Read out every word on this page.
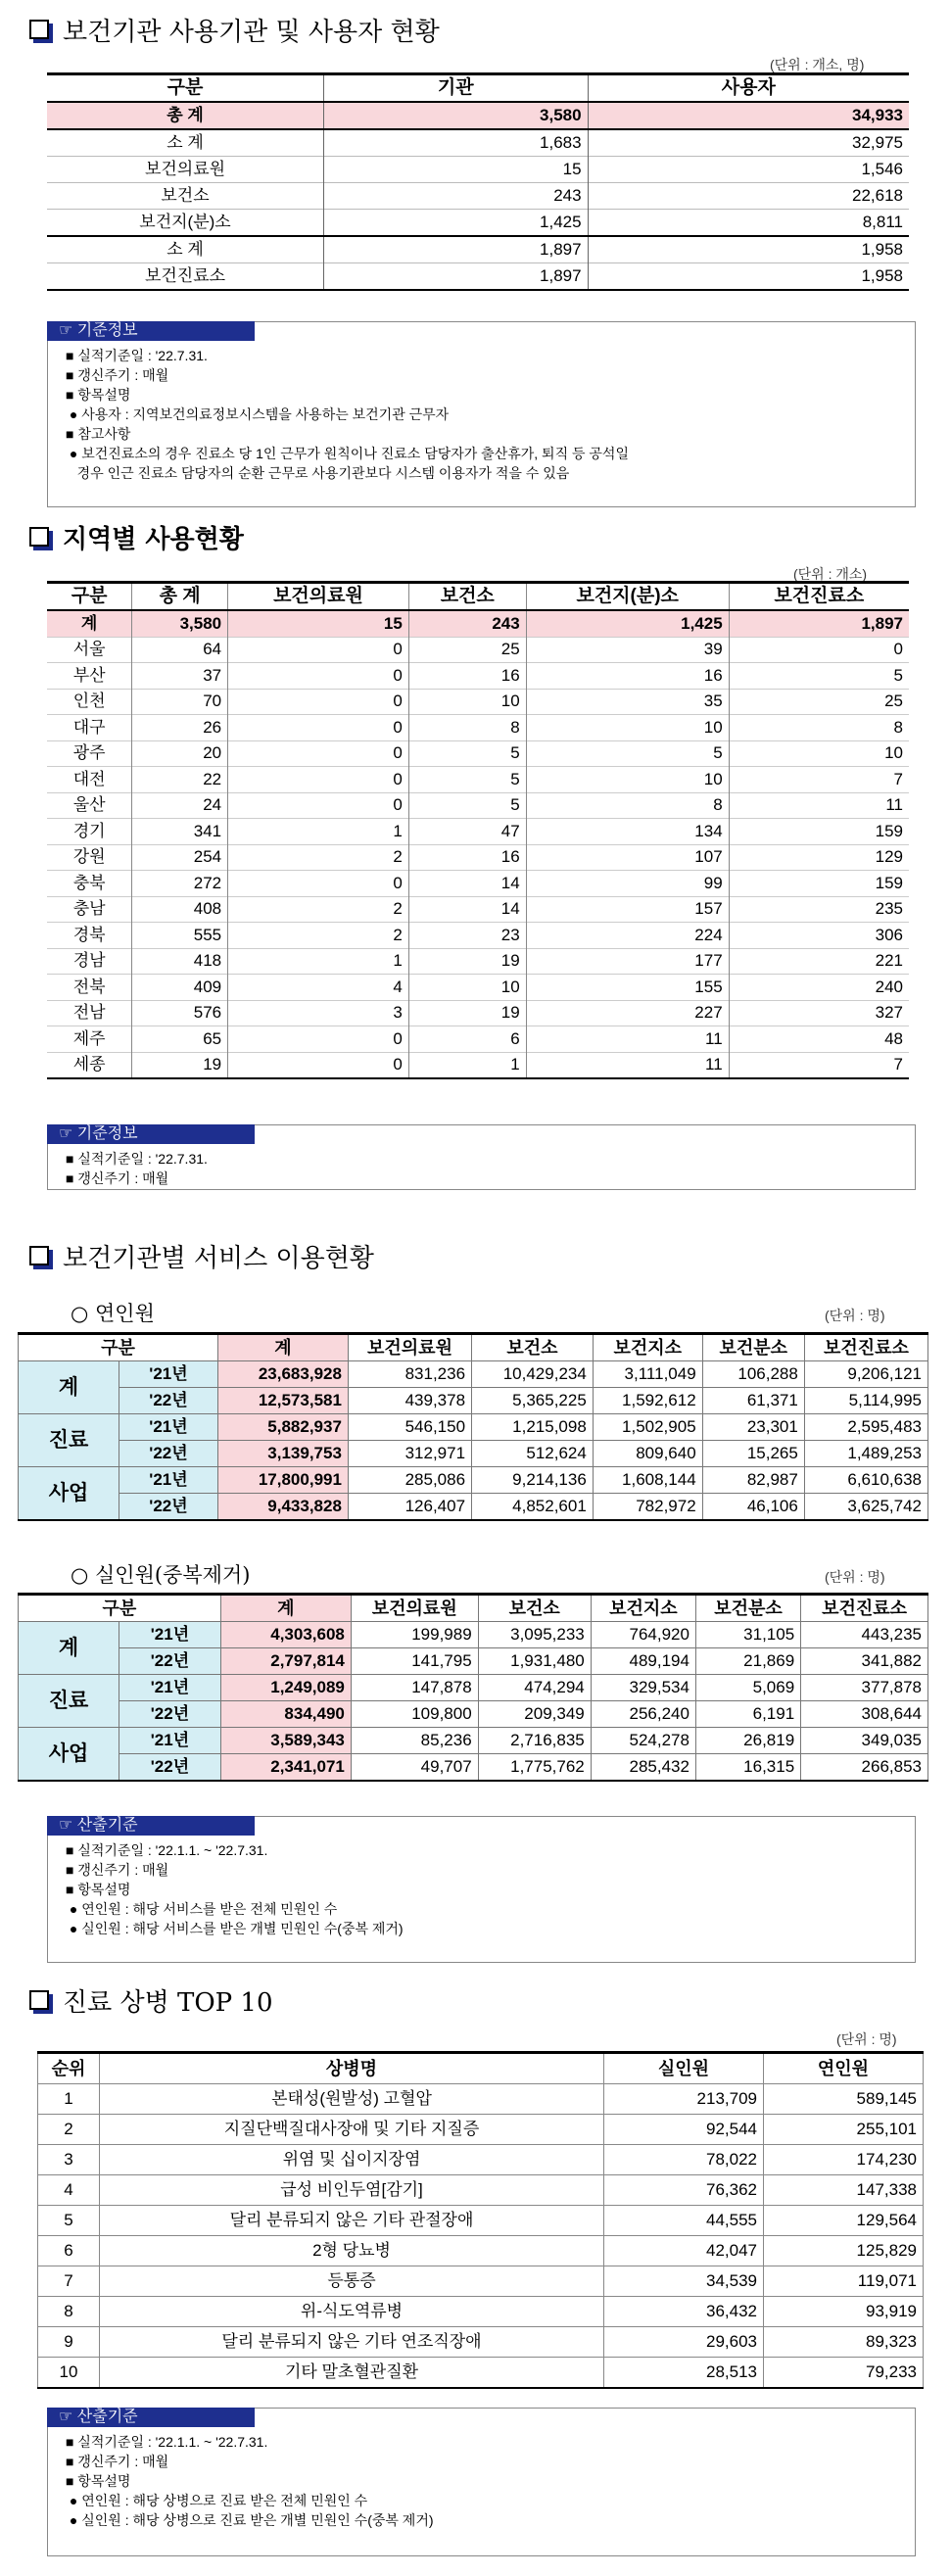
보건기관 사용기관 및 사용자 현황
(단위 : 개소, 명)
구분	기관	사용자
총 계	3,580	34,933
소 계	1,683	32,975
보건의료원	15	1,546
보건소	243	22,618
보건지(분)소	1,425	8,811
소 계	1,897	1,958
보건진료소	1,897	1,958
☞ 기준정보
■ 실적기준일 : '22.7.31.
■ 갱신주기 : 매월
■ 항목설명
● 사용자 : 지역보건의료정보시스템을 사용하는 보건기관 근무자
■ 참고사항
● 보건진료소의 경우 진료소 당 1인 근무가 원칙이나 진료소 담당자가 출산휴가, 퇴직 등 공석일
경우 인근 진료소 담당자의 순환 근무로 사용기관보다 시스템 이용자가 적을 수 있음
지역별 사용현황
(단위 : 개소)
구분	총 계	보건의료원	보건소	보건지(분)소	보건진료소
계	3,580	15	243	1,425	1,897
서울	64	0	25	39	0
부산	37	0	16	16	5
인천	70	0	10	35	25
대구	26	0	8	10	8
광주	20	0	5	5	10
대전	22	0	5	10	7
울산	24	0	5	8	11
경기	341	1	47	134	159
강원	254	2	16	107	129
충북	272	0	14	99	159
충남	408	2	14	157	235
경북	555	2	23	224	306
경남	418	1	19	177	221
전북	409	4	10	155	240
전남	576	3	19	227	327
제주	65	0	6	11	48
세종	19	0	1	11	7
☞ 기준정보
■ 실적기준일 : '22.7.31.
■ 갱신주기 : 매월
보건기관별 서비스 이용현황
○ 연인원	(단위 : 명)
구분		계	보건의료원	보건소	보건지소	보건분소	보건진료소
계	'21년	23,683,928	831,236	10,429,234	3,111,049	106,288	9,206,121
	'22년	12,573,581	439,378	5,365,225	1,592,612	61,371	5,114,995
진료	'21년	5,882,937	546,150	1,215,098	1,502,905	23,301	2,595,483
	'22년	3,139,753	312,971	512,624	809,640	15,265	1,489,253
사업	'21년	17,800,991	285,086	9,214,136	1,608,144	82,987	6,610,638
	'22년	9,433,828	126,407	4,852,601	782,972	46,106	3,625,742
○ 실인원(중복제거)	(단위 : 명)
구분		계	보건의료원	보건소	보건지소	보건분소	보건진료소
계	'21년	4,303,608	199,989	3,095,233	764,920	31,105	443,235
	'22년	2,797,814	141,795	1,931,480	489,194	21,869	341,882
진료	'21년	1,249,089	147,878	474,294	329,534	5,069	377,878
	'22년	834,490	109,800	209,349	256,240	6,191	308,644
사업	'21년	3,589,343	85,236	2,716,835	524,278	26,819	349,035
	'22년	2,341,071	49,707	1,775,762	285,432	16,315	266,853
☞ 산출기준
■ 실적기준일 : '22.1.1. ~ '22.7.31.
■ 갱신주기 : 매월
■ 항목설명
● 연인원 : 해당 서비스를 받은 전체 민원인 수
● 실인원 : 해당 서비스를 받은 개별 민원인 수(중복 제거)
진료 상병 TOP 10
(단위 : 명)
순위	상병명	실인원	연인원
1	본태성(원발성) 고혈압	213,709	589,145
2	지질단백질대사장애 및 기타 지질증	92,544	255,101
3	위염 및 십이지장염	78,022	174,230
4	급성 비인두염[감기]	76,362	147,338
5	달리 분류되지 않은 기타 관절장애	44,555	129,564
6	2형 당뇨병	42,047	125,829
7	등통증	34,539	119,071
8	위-식도역류병	36,432	93,919
9	달리 분류되지 않은 기타 연조직장애	29,603	89,323
10	기타 말초혈관질환	28,513	79,233
☞ 산출기준
■ 실적기준일 : '22.1.1. ~ '22.7.31.
■ 갱신주기 : 매월
■ 항목설명
● 연인원 : 해당 상병으로 진료 받은 전체 민원인 수
● 실인원 : 해당 상병으로 진료 받은 개별 민원인 수(중복 제거)
